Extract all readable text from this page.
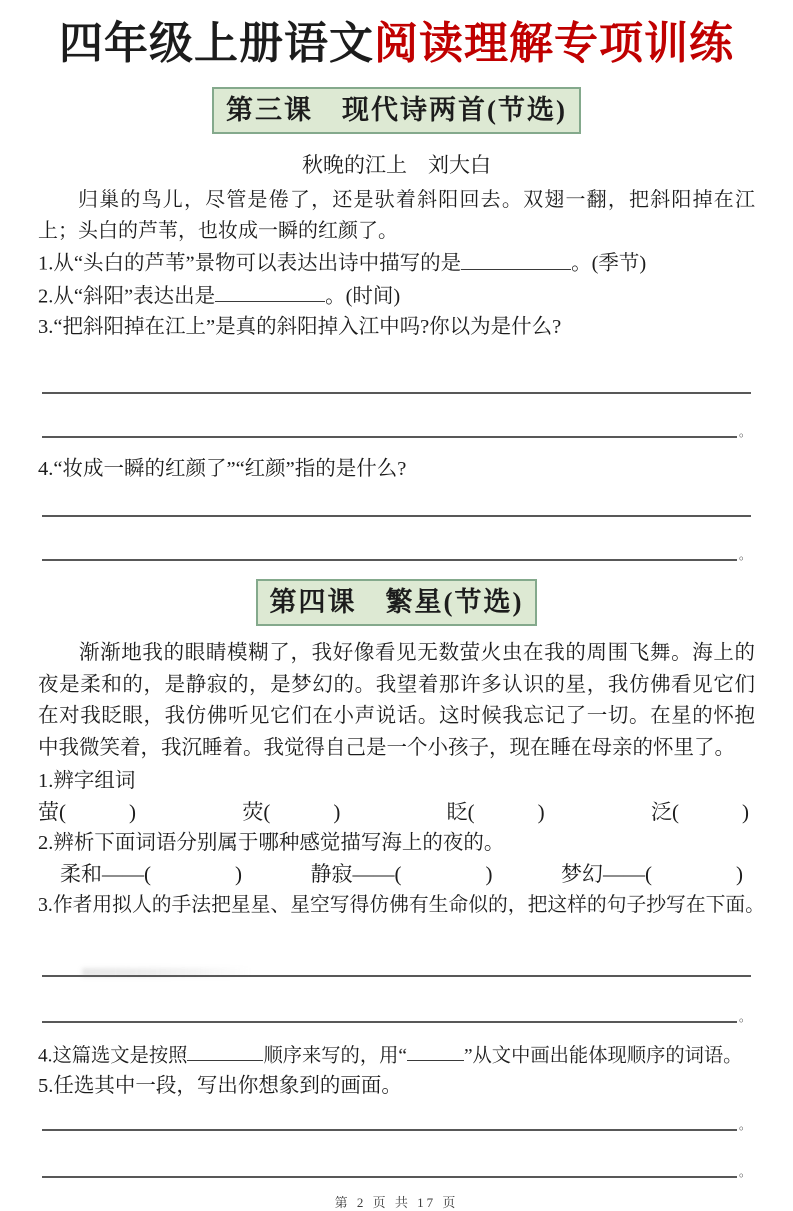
四年级上册语文阅读理解专项训练
第三课　现代诗两首(节选)

秋晚的江上　刘大白

归巢的鸟儿，尽管是倦了，还是驮着斜阳回去。双翅一翻，把斜阳掉在江上；头白的芦苇，也妆成一瞬的红颜了。

1.从“头白的芦苇”景物可以表达出诗中描写的是	。(季节)

2.从“斜阳”表达出是	。(时间)

3.“把斜阳掉在江上”是真的斜阳掉入江中吗?你以为是什么?

。

4.“妆成一瞬的红颜了”“红颜”指的是什么?

。
第四课　繁星(节选)

渐渐地我的眼睛模糊了，我好像看见无数萤火虫在我的周围飞舞。海上的夜是柔和的，是静寂的，是梦幻的。我望着那许多认识的星，我仿佛看见它们在对我眨眼，我仿佛听见它们在小声说话。这时候我忘记了一切。在星的怀抱中我微笑着，我沉睡着。我觉得自己是一个小孩子，现在睡在母亲的怀里了。

1.辨字组词

萤(　　　)	荧(　　　)	眨(　　　)	泛(　　　)

2.辨析下面词语分别属于哪种感觉描写海上的夜的。

柔和——(　　　　)	静寂——(　　　　)	梦幻——(　　　　)

3.作者用拟人的手法把星星、星空写得仿佛有生命似的，把这样的句子抄写在下面。

。

4.这篇选文是按照	顺序来写的，用“	”从文中画出能体现顺序的词语。

5.任选其中一段，写出你想象到的画面。

。
。
第 2 页 共 17 页
